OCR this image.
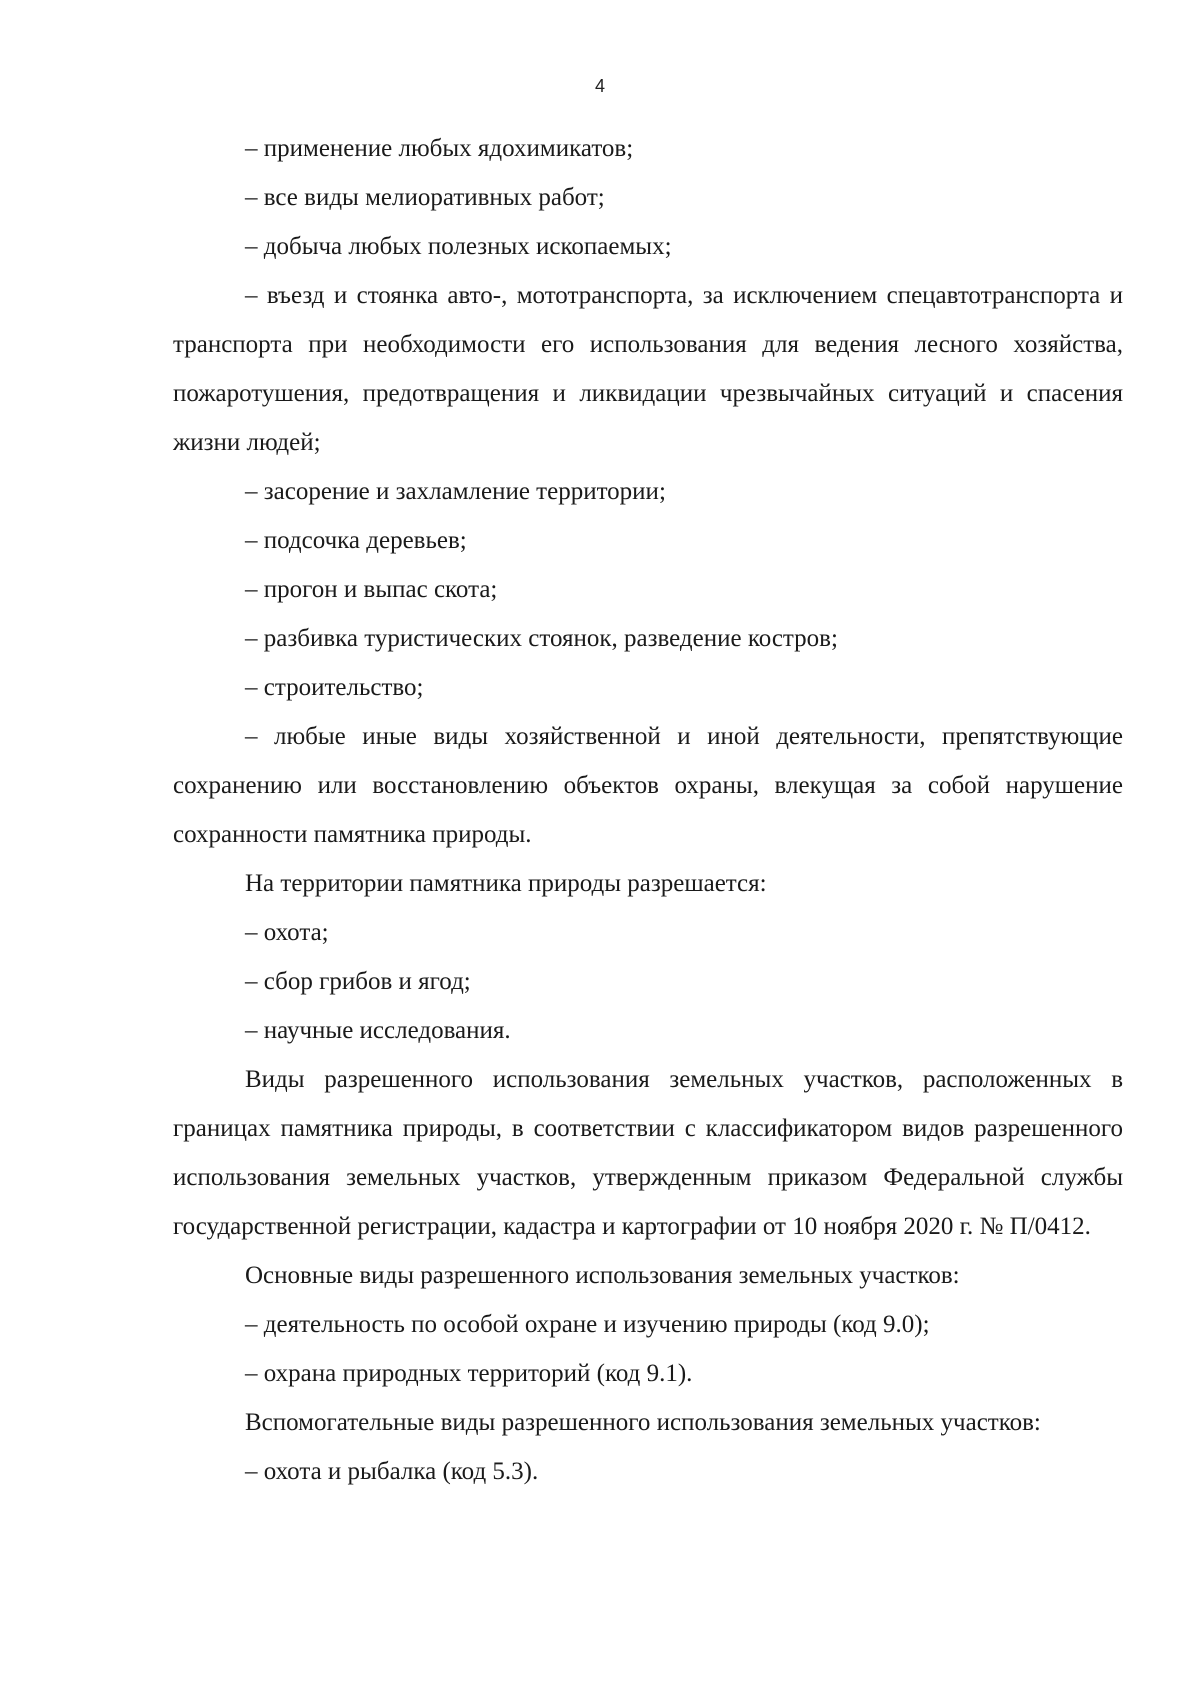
4

– применение любых ядохимикатов;

– все виды мелиоративных работ;

– добыча любых полезных ископаемых;

– въезд и стоянка авто-, мототранспорта, за исключением спецавтотранспорта и транспорта при необходимости его использования для ведения лесного хозяйства, пожаротушения, предотвращения и ликвидации чрезвычайных ситуаций и спасения жизни людей;

– засорение и захламление территории;

– подсочка деревьев;

– прогон и выпас скота;

– разбивка туристических стоянок, разведение костров;

– строительство;

– любые иные виды хозяйственной и иной деятельности, препятствующие сохранению или восстановлению объектов охраны, влекущая за собой нарушение сохранности памятника природы.

На территории памятника природы разрешается:

– охота;

– сбор грибов и ягод;

– научные исследования.

Виды разрешенного использования земельных участков, расположенных в границах памятника природы, в соответствии с классификатором видов разрешенного использования земельных участков, утвержденным приказом Федеральной службы государственной регистрации, кадастра и картографии от 10 ноября 2020 г. № П/0412.

Основные виды разрешенного использования земельных участков:

– деятельность по особой охране и изучению природы (код 9.0);

– охрана природных территорий (код 9.1).

Вспомогательные виды разрешенного использования земельных участков:

– охота и рыбалка (код 5.3).
